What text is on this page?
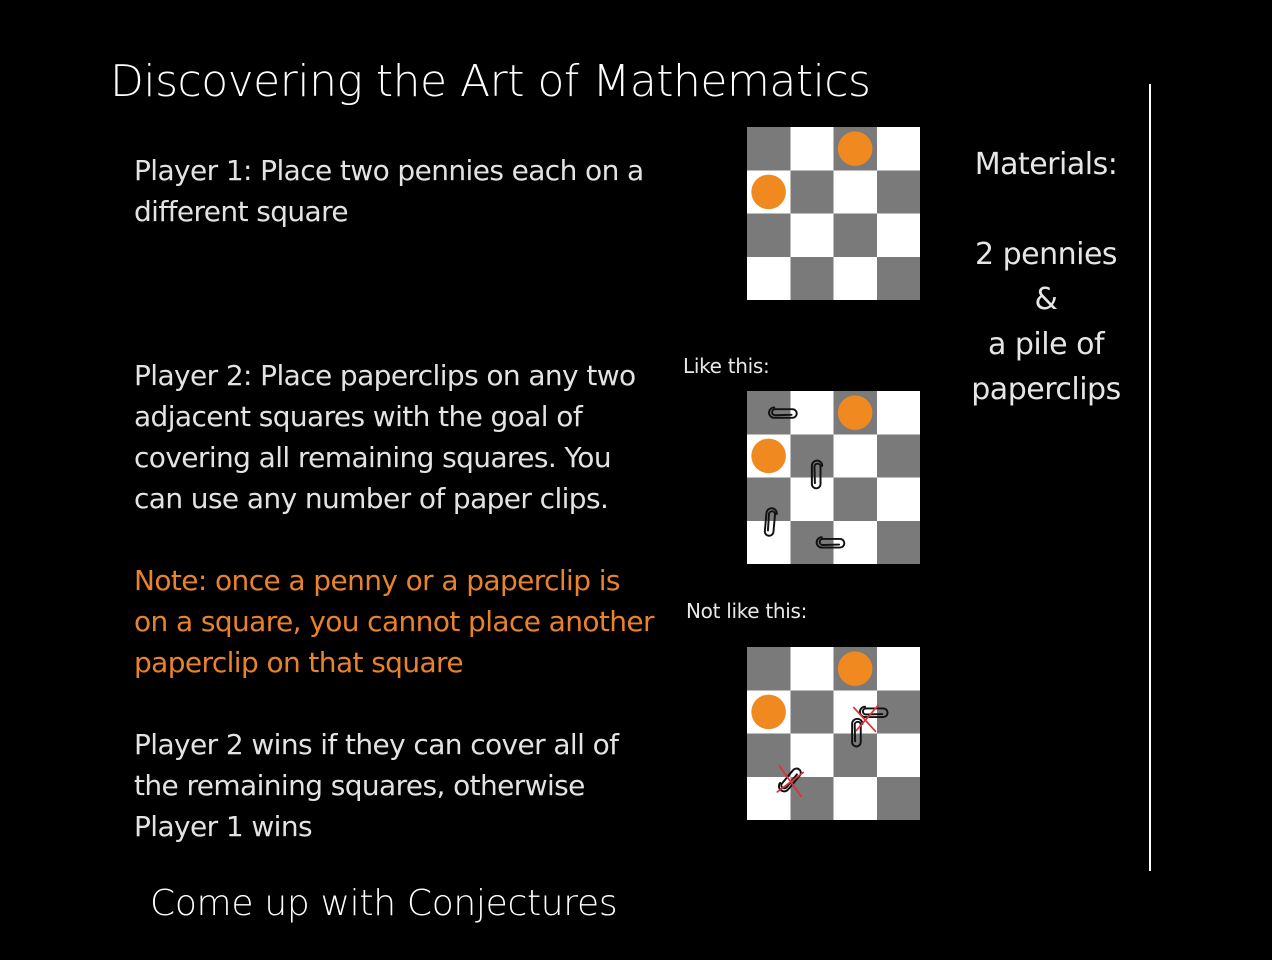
Discovering the Art of Mathematics
Player 1: Place two pennies each on a different square
Player 2: Place paperclips on any two adjacent squares with the goal of covering all remaining squares. You can use any number of paper clips.
Note: once a penny or a paperclip is on a square, you cannot place another paperclip on that square
Player 2 wins if they can cover all of the remaining squares, otherwise Player 1 wins
Like this:
Not like this:
Materials:
2 pennies
&
a pile of
paperclips
Come up with Conjectures
